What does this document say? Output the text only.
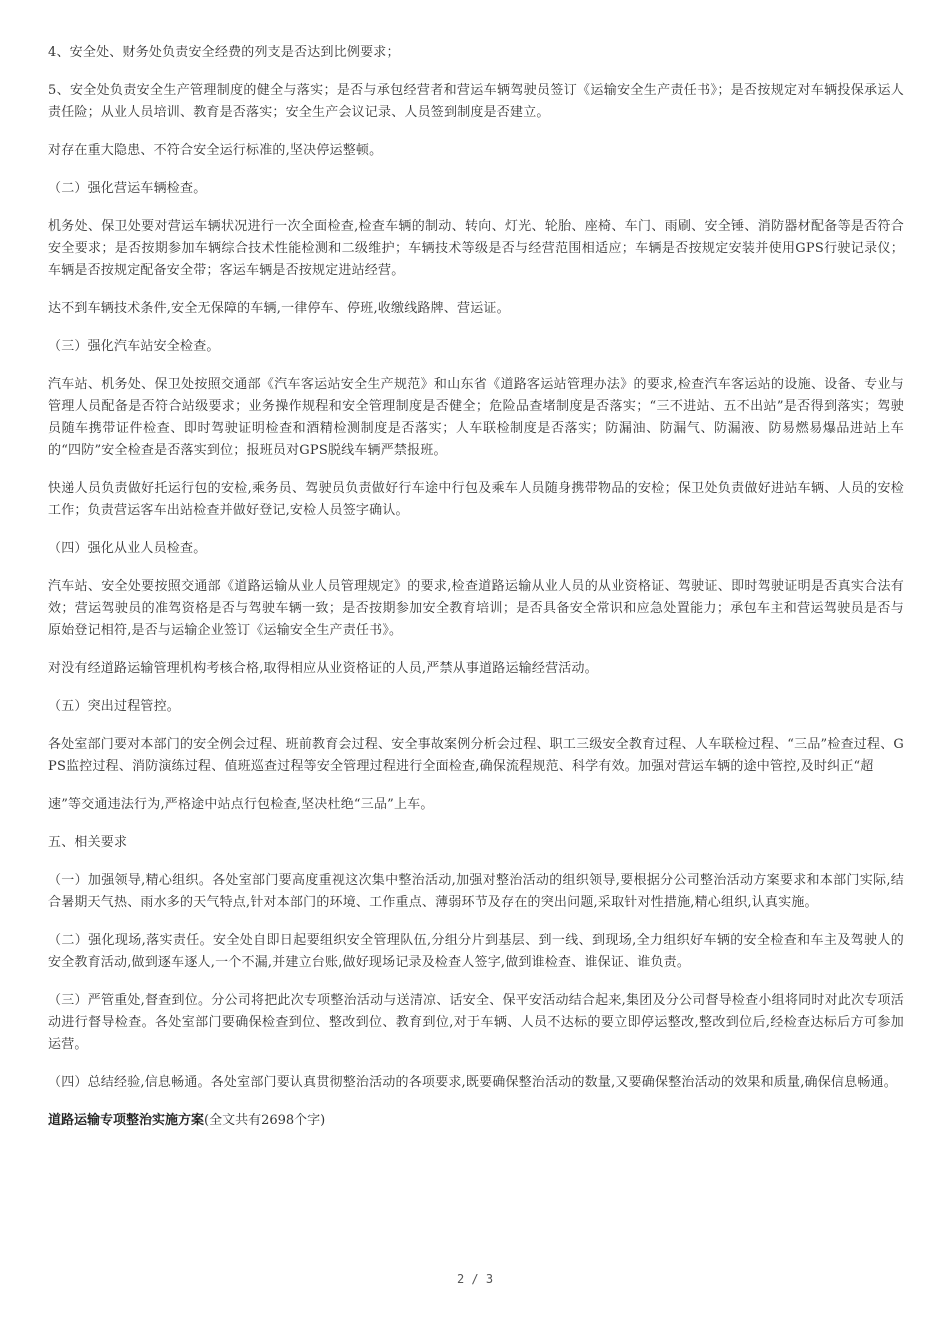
4、安全处、财务处负责安全经费的列支是否达到比例要求；

5、安全处负责安全生产管理制度的健全与落实；是否与承包经营者和营运车辆驾驶员签订《运输安全生产责任书》；是否按规定对车辆投保承运人责任险；从业人员培训、教育是否落实；安全生产会议记录、人员签到制度是否建立。

对存在重大隐患、不符合安全运行标准的,坚决停运整顿。

（二）强化营运车辆检查。

机务处、保卫处要对营运车辆状况进行一次全面检查,检查车辆的制动、转向、灯光、轮胎、座椅、车门、雨刷、安全锤、消防器材配备等是否符合安全要求；是否按期参加车辆综合技术性能检测和二级维护；车辆技术等级是否与经营范围相适应；车辆是否按规定安装并使用GPS行驶记录仪；车辆是否按规定配备安全带；客运车辆是否按规定进站经营。

达不到车辆技术条件,安全无保障的车辆,一律停车、停班,收缴线路牌、营运证。

（三）强化汽车站安全检查。

汽车站、机务处、保卫处按照交通部《汽车客运站安全生产规范》和山东省《道路客运站管理办法》的要求,检查汽车客运站的设施、设备、专业与管理人员配备是否符合站级要求；业务操作规程和安全管理制度是否健全；危险品查堵制度是否落实；“三不进站、五不出站”是否得到落实；驾驶员随车携带证件检查、即时驾驶证明检查和酒精检测制度是否落实；人车联检制度是否落实；防漏油、防漏气、防漏液、防易燃易爆品进站上车的“四防”安全检查是否落实到位；报班员对GPS脱线车辆严禁报班。

快递人员负责做好托运行包的安检,乘务员、驾驶员负责做好行车途中行包及乘车人员随身携带物品的安检；保卫处负责做好进站车辆、人员的安检工作；负责营运客车出站检查并做好登记,安检人员签字确认。

（四）强化从业人员检查。

汽车站、安全处要按照交通部《道路运输从业人员管理规定》的要求,检查道路运输从业人员的从业资格证、驾驶证、即时驾驶证明是否真实合法有效；营运驾驶员的准驾资格是否与驾驶车辆一致；是否按期参加安全教育培训；是否具备安全常识和应急处置能力；承包车主和营运驾驶员是否与原始登记相符,是否与运输企业签订《运输安全生产责任书》。

对没有经道路运输管理机构考核合格,取得相应从业资格证的人员,严禁从事道路运输经营活动。

（五）突出过程管控。

各处室部门要对本部门的安全例会过程、班前教育会过程、安全事故案例分析会过程、职工三级安全教育过程、人车联检过程、“三品”检查过程、GPS监控过程、消防演练过程、值班巡查过程等安全管理过程进行全面检查,确保流程规范、科学有效。加强对营运车辆的途中管控,及时纠正“超

速”等交通违法行为,严格途中站点行包检查,坚决杜绝“三品”上车。

五、相关要求

（一）加强领导,精心组织。各处室部门要高度重视这次集中整治活动,加强对整治活动的组织领导,要根据分公司整治活动方案要求和本部门实际,结合暑期天气热、雨水多的天气特点,针对本部门的环境、工作重点、薄弱环节及存在的突出问题,采取针对性措施,精心组织,认真实施。

（二）强化现场,落实责任。安全处自即日起要组织安全管理队伍,分组分片到基层、到一线、到现场,全力组织好车辆的安全检查和车主及驾驶人的安全教育活动,做到逐车逐人,一个不漏,并建立台账,做好现场记录及检查人签字,做到谁检查、谁保证、谁负责。

（三）严管重处,督查到位。分公司将把此次专项整治活动与送清凉、话安全、保平安活动结合起来,集团及分公司督导检查小组将同时对此次专项活动进行督导检查。各处室部门要确保检查到位、整改到位、教育到位,对于车辆、人员不达标的要立即停运整改,整改到位后,经检查达标后方可参加运营。

（四）总结经验,信息畅通。各处室部门要认真贯彻整治活动的各项要求,既要确保整治活动的数量,又要确保整治活动的效果和质量,确保信息畅通。

道路运输专项整治实施方案(全文共有2698个字)

2 / 3
